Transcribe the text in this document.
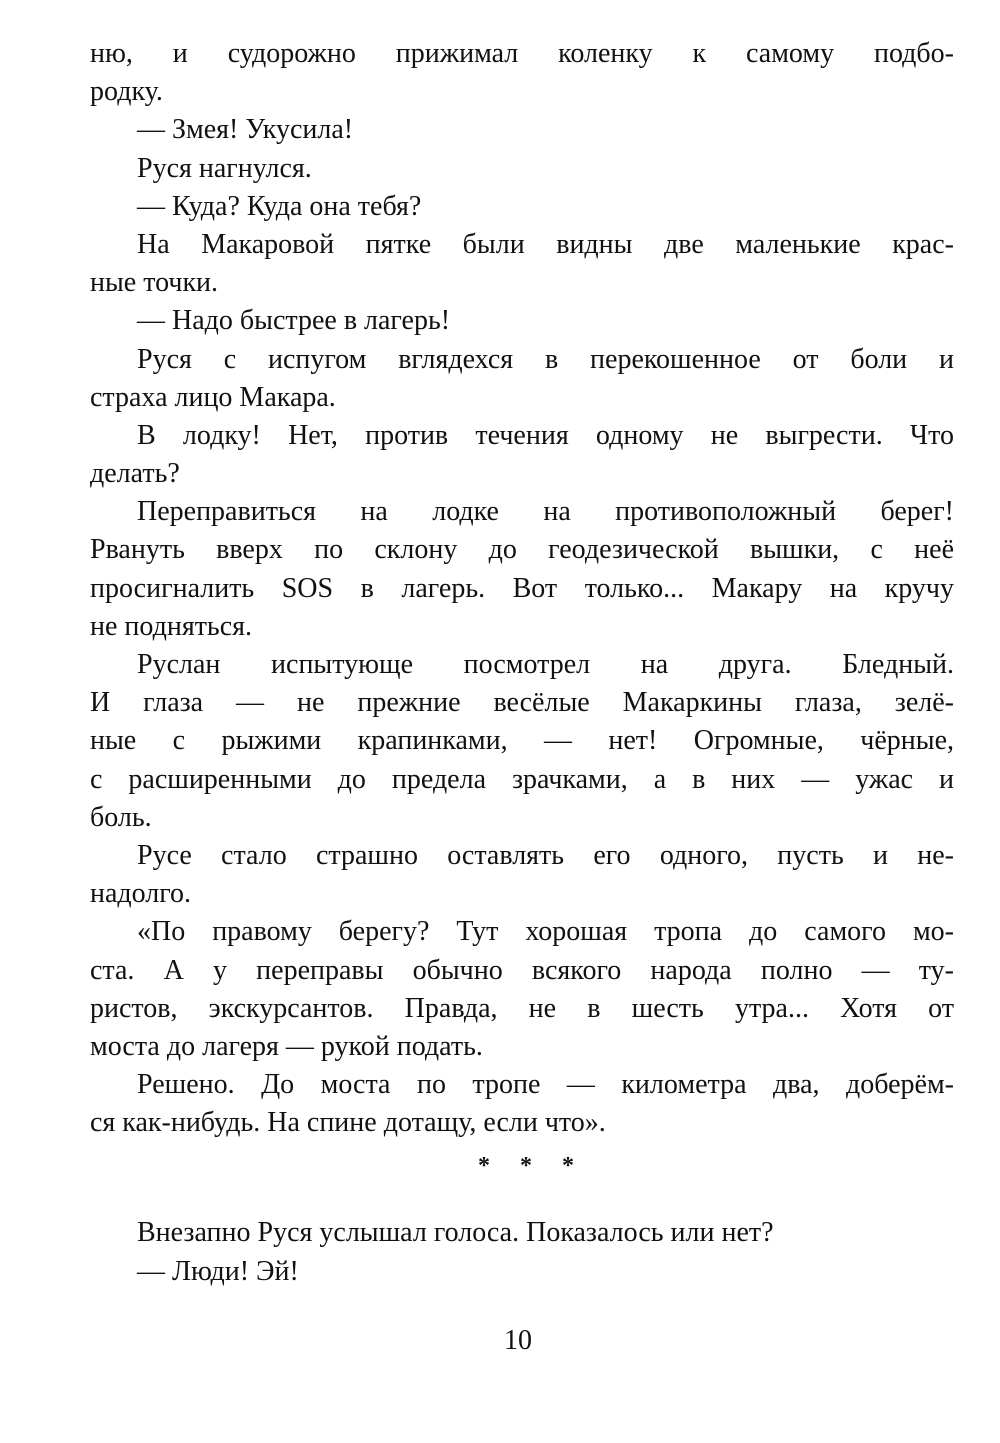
ню, и судорожно прижимал коленку к самому подбо-
родку.
— Змея! Укусила!
Руся нагнулся.
— Куда? Куда она тебя?
На Макаровой пятке были видны две маленькие крас-
ные точки.
— Надо быстрее в лагерь!
Руся с испугом вглядехся в перекошенное от боли и
страха лицо Макара.
В лодку! Нет, против течения одному не выгрести. Что
делать?
Переправиться на лодке на противоположный берег!
Рвануть вверх по склону до геодезической вышки, с неё
просигналить SOS в лагерь. Вот только... Макару на кручу
не подняться.
Руслан испытующе посмотрел на друга. Бледный.
И глаза — не прежние весёлые Макаркины глаза, зелё-
ные с рыжими крапинками, — нет! Огромные, чёрные,
с расширенными до предела зрачками, а в них — ужас и
боль.
Русе стало страшно оставлять его одного, пусть и не-
надолго.
«По правому берегу? Тут хорошая тропа до самого мо-
ста. А у переправы обычно всякого народа полно — ту-
ристов, экскурсантов. Правда, не в шесть утра... Хотя от
моста до лагеря — рукой подать.
Решено. До моста по тропе — километра два, доберём-
ся как-нибудь. На спине дотащу, если что».
* * *
Внезапно Руся услышал голоса. Показалось или нет?
— Люди! Эй!
10
